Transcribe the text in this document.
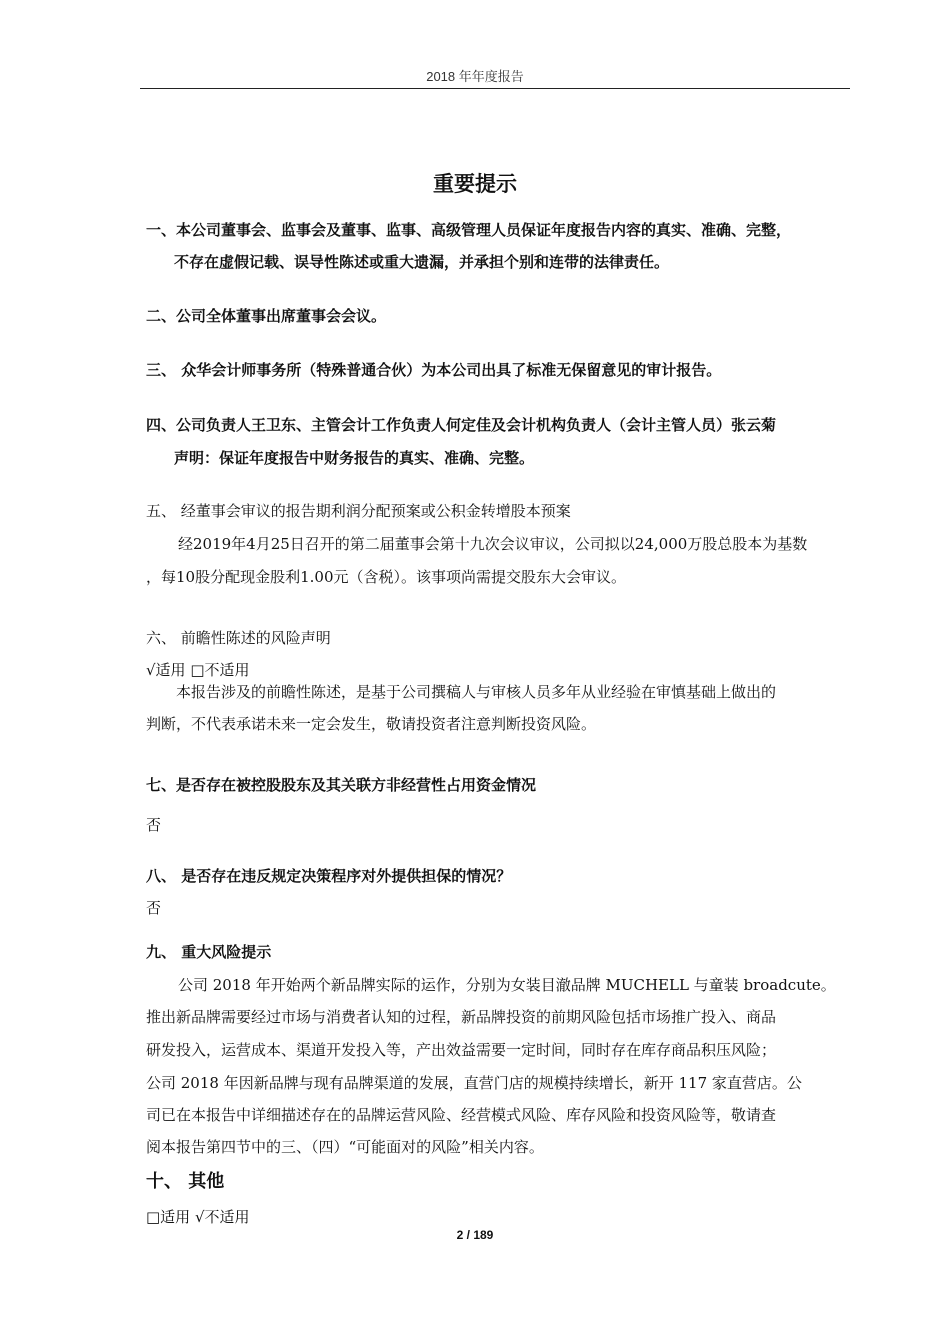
2018 年年度报告
重要提示
一、本公司董事会、监事会及董事、监事、高级管理人员保证年度报告内容的真实、准确、完整，
不存在虚假记载、误导性陈述或重大遗漏，并承担个别和连带的法律责任。
二、公司全体董事出席董事会会议。
三、 众华会计师事务所（特殊普通合伙）为本公司出具了标准无保留意见的审计报告。
四、公司负责人王卫东、主管会计工作负责人何定佳及会计机构负责人（会计主管人员）张云菊
声明：保证年度报告中财务报告的真实、准确、完整。
五、 经董事会审议的报告期利润分配预案或公积金转增股本预案
经2019年4月25日召开的第二届董事会第十九次会议审议，公司拟以24,000万股总股本为基数
，每10股分配现金股利1.00元（含税）。该事项尚需提交股东大会审议。
六、 前瞻性陈述的风险声明
√适用 □不适用
本报告涉及的前瞻性陈述，是基于公司撰稿人与审核人员多年从业经验在审慎基础上做出的
判断，不代表承诺未来一定会发生，敬请投资者注意判断投资风险。
七、是否存在被控股股东及其关联方非经营性占用资金情况
否
八、 是否存在违反规定决策程序对外提供担保的情况？
否
九、 重大风险提示
公司 2018 年开始两个新品牌实际的运作，分别为女装目澈品牌 MUCHELL 与童装 broadcute。
推出新品牌需要经过市场与消费者认知的过程，新品牌投资的前期风险包括市场推广投入、商品
研发投入，运营成本、渠道开发投入等，产出效益需要一定时间，同时存在库存商品积压风险；
公司 2018 年因新品牌与现有品牌渠道的发展，直营门店的规模持续增长，新开 117 家直营店。公
司已在本报告中详细描述存在的品牌运营风险、经营模式风险、库存风险和投资风险等，敬请查
阅本报告第四节中的三、（四）“可能面对的风险”相关内容。
十、 其他
□适用 √不适用
2 / 189
